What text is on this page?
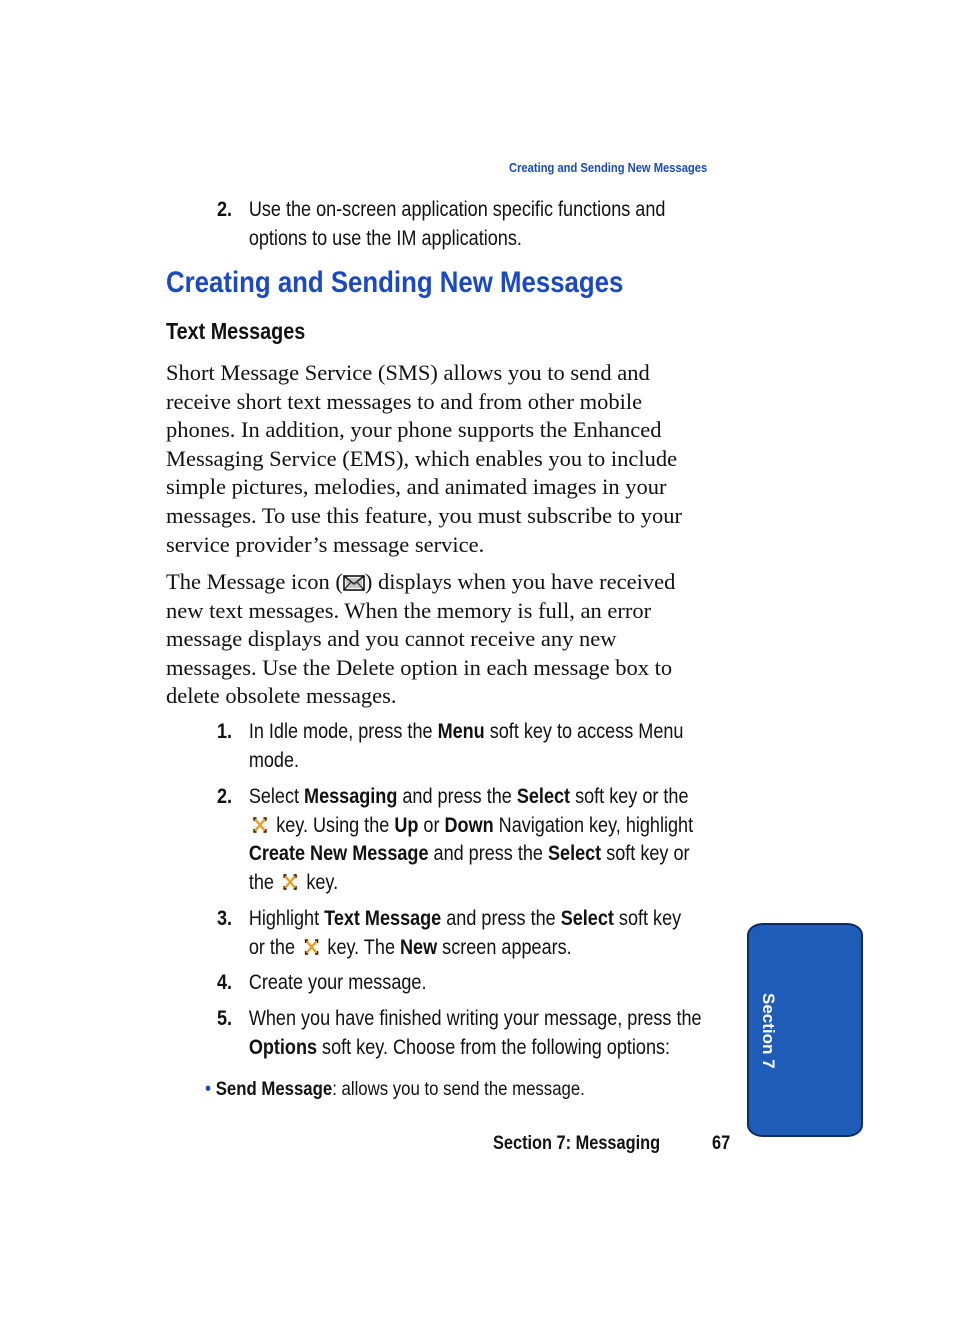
Creating and Sending New Messages
2. Use the on-screen application specific functions and
options to use the IM applications.
Creating and Sending New Messages
Text Messages
Short Message Service (SMS) allows you to send and
receive short text messages to and from other mobile
phones. In addition, your phone supports the Enhanced
Messaging Service (EMS), which enables you to include
simple pictures, melodies, and animated images in your
messages. To use this feature, you must subscribe to your
service provider’s message service.
The Message icon ( ) displays when you have received
new text messages. When the memory is full, an error
message displays and you cannot receive any new
messages. Use the Delete option in each message box to
delete obsolete messages.
1. In Idle mode, press the Menu soft key to access Menu
mode.
2. Select Messaging and press the Select soft key or the
key. Using the Up or Down Navigation key, highlight
Create New Message and press the Select soft key or
the  key.
3. Highlight Text Message and press the Select soft key
or the  key. The New screen appears.
4. Create your message.
5. When you have finished writing your message, press the
Options soft key. Choose from the following options:
• Send Message: allows you to send the message.
Section 7: Messaging	67
Section 7
